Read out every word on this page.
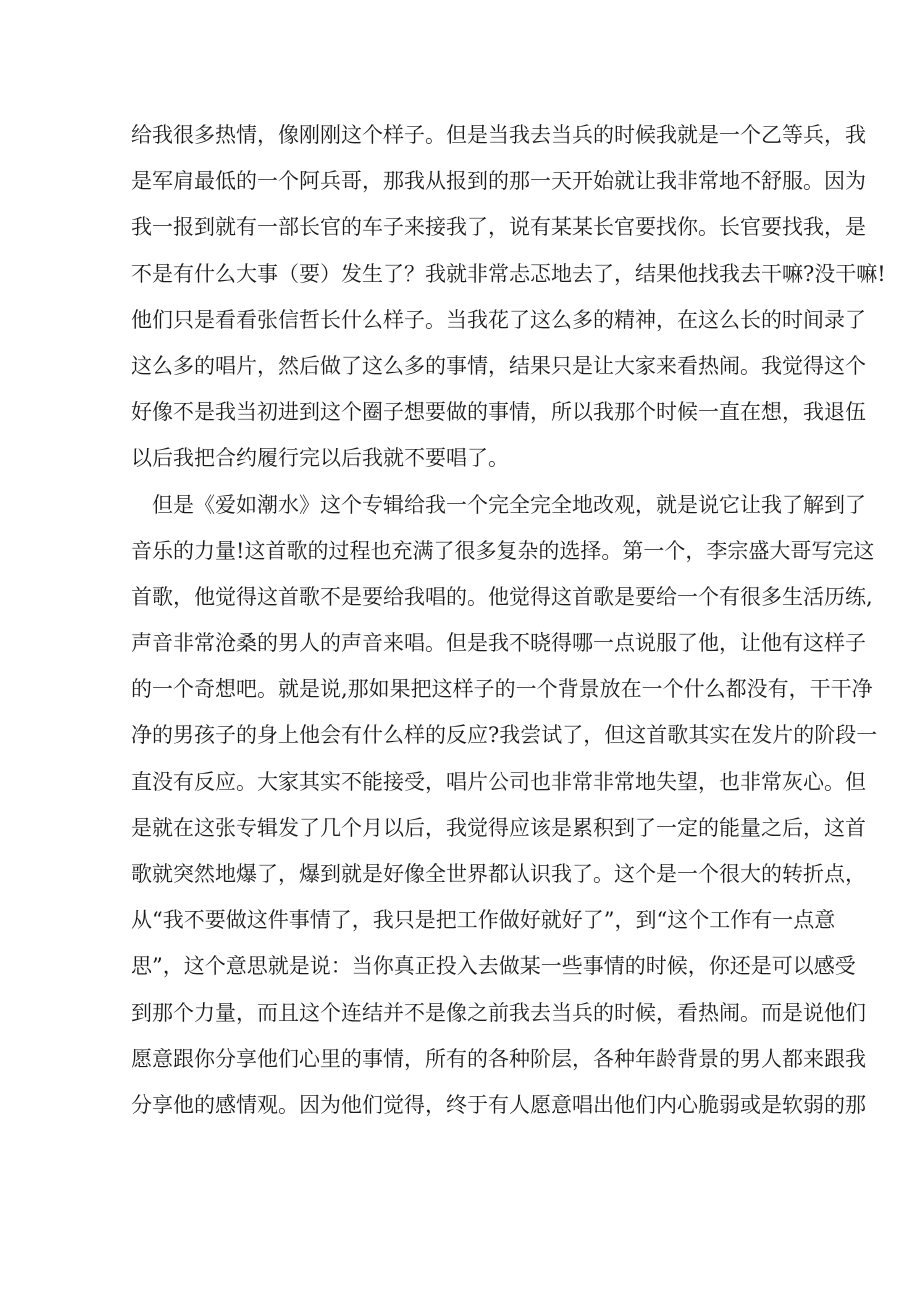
给我很多热情，像刚刚这个样子。但是当我去当兵的时候我就是一个乙等兵，我
是军肩最低的一个阿兵哥，那我从报到的那一天开始就让我非常地不舒服。因为
我一报到就有一部长官的车子来接我了，说有某某长官要找你。长官要找我，是
不是有什么大事（要）发生了？我就非常忐忑地去了，结果他找我去干嘛?没干嘛!
他们只是看看张信哲长什么样子。当我花了这么多的精神，在这么长的时间录了
这么多的唱片，然后做了这么多的事情，结果只是让大家来看热闹。我觉得这个
好像不是我当初进到这个圈子想要做的事情，所以我那个时候一直在想，我退伍
以后我把合约履行完以后我就不要唱了。
但是《爱如潮水》这个专辑给我一个完全完全地改观，就是说它让我了解到了
音乐的力量!这首歌的过程也充满了很多复杂的选择。第一个，李宗盛大哥写完这
首歌，他觉得这首歌不是要给我唱的。他觉得这首歌是要给一个有很多生活历练,
声音非常沧桑的男人的声音来唱。但是我不晓得哪一点说服了他，让他有这样子
的一个奇想吧。就是说,那如果把这样子的一个背景放在一个什么都没有，干干净
净的男孩子的身上他会有什么样的反应?我尝试了，但这首歌其实在发片的阶段一
直没有反应。大家其实不能接受，唱片公司也非常非常地失望，也非常灰心。但
是就在这张专辑发了几个月以后，我觉得应该是累积到了一定的能量之后，这首
歌就突然地爆了，爆到就是好像全世界都认识我了。这个是一个很大的转折点，
从“我不要做这件事情了，我只是把工作做好就好了”，到“这个工作有一点意
思”，这个意思就是说：当你真正投入去做某一些事情的时候，你还是可以感受
到那个力量，而且这个连结并不是像之前我去当兵的时候，看热闹。而是说他们
愿意跟你分享他们心里的事情，所有的各种阶层，各种年龄背景的男人都来跟我
分享他的感情观。因为他们觉得，终于有人愿意唱出他们内心脆弱或是软弱的那
